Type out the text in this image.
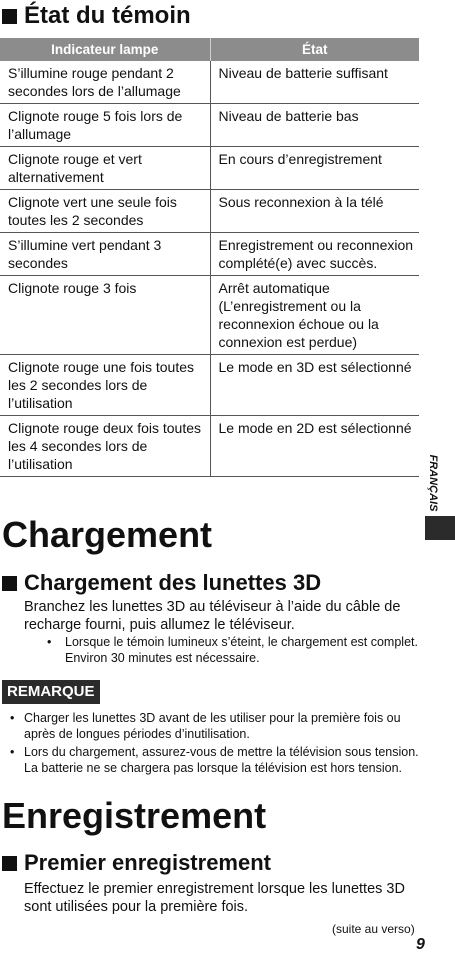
État du témoin
Indicateur lampe	État
S’illumine rouge pendant 2 secondes lors de l’allumage	Niveau de batterie suffisant
Clignote rouge 5 fois lors de l’allumage	Niveau de batterie bas
Clignote rouge et vert alternativement	En cours d’enregistrement
Clignote vert une seule fois toutes les 2 secondes	Sous reconnexion à la télé
S’illumine vert pendant 3 secondes	Enregistrement ou reconnexion complété(e) avec succès.
Clignote rouge 3 fois	Arrêt automatique (L’enregistrement ou la reconnexion échoue ou la connexion est perdue)
Clignote rouge une fois toutes les 2 secondes lors de l’utilisation	Le mode en 3D est sélectionné
Clignote rouge deux fois toutes les 4 secondes lors de l’utilisation	Le mode en 2D est sélectionné
FRANÇAIS
Chargement
Chargement des lunettes 3D

Branchez les lunettes 3D au téléviseur à l’aide du câble de recharge fourni, puis allumez le téléviseur.

• Lorsque le témoin lumineux s’éteint, le chargement est complet. Environ 30 minutes est nécessaire.
REMARQUE
• Charger les lunettes 3D avant de les utiliser pour la première fois ou après de longues périodes d’inutilisation.
• Lors du chargement, assurez-vous de mettre la télévision sous tension. La batterie ne se chargera pas lorsque la télévision est hors tension.
Enregistrement
Premier enregistrement

Effectuez le premier enregistrement lorsque les lunettes 3D sont utilisées pour la première fois.

(suite au verso)
9
